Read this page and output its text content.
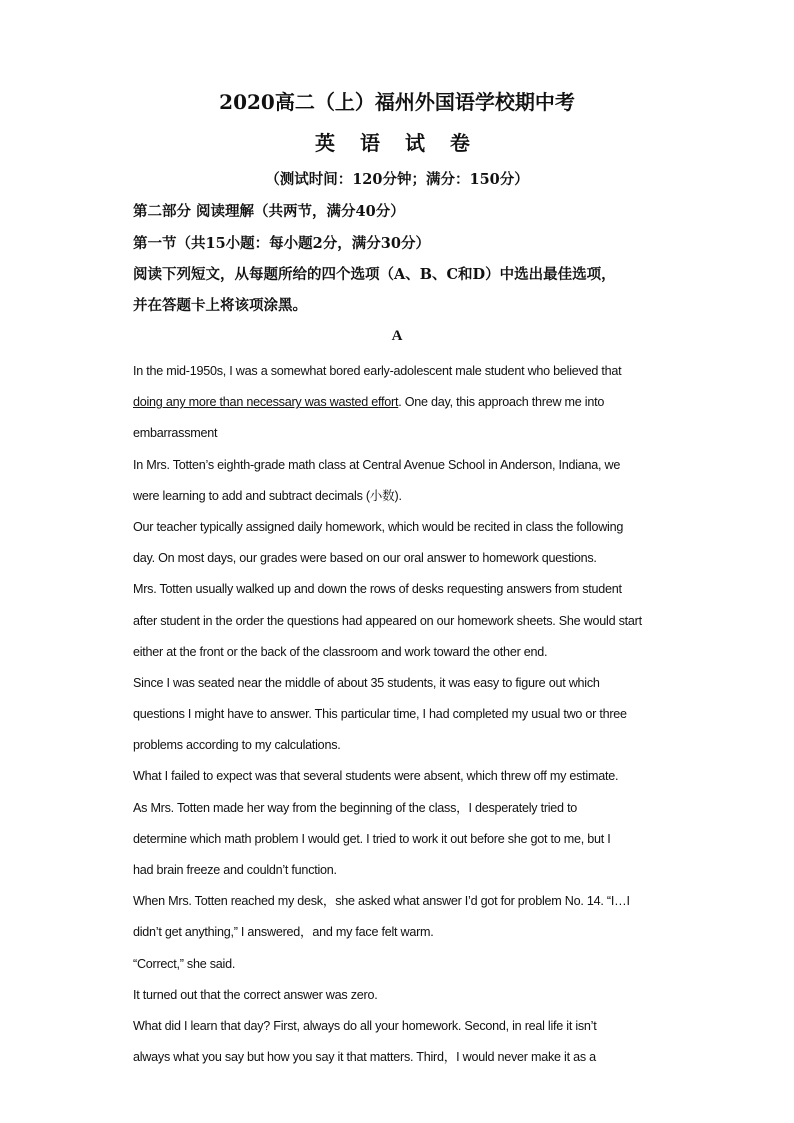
2020高二（上）福州外国语学校期中考
英 语 试 卷
（测试时间：120分钟；满分：150分）
第二部分 阅读理解（共两节，满分40分）
第一节（共15小题：每小题2分，满分30分）
阅读下列短文，从每题所给的四个选项（A、B、C和D）中选出最佳选项，
并在答题卡上将该项涂黑。
A
In the mid-1950s, I was a somewhat bored early-adolescent male student who believed that
doing any more than necessary was wasted effort. One day, this approach threw me into
embarrassment
In Mrs. Totten’s eighth-grade math class at Central Avenue School in Anderson, Indiana, we
were learning to add and subtract decimals (小数).
Our teacher typically assigned daily homework, which would be recited in class the following
day. On most days, our grades were based on our oral answer to homework questions.
Mrs. Totten usually walked up and down the rows of desks requesting answers from student
after student in the order the questions had appeared on our homework sheets. She would start
either at the front or the back of the classroom and work toward the other end.
Since I was seated near the middle of about 35 students, it was easy to figure out which
questions I might have to answer. This particular time, I had completed my usual two or three
problems according to my calculations.
What I failed to expect was that several students were absent, which threw off my estimate.
As Mrs. Totten made her way from the beginning of the class，I desperately tried to
determine which math problem I would get. I tried to work it out before she got to me, but I
had brain freeze and couldn’t function.
When Mrs. Totten reached my desk，she asked what answer I’d got for problem No. 14. “I…I
didn’t get anything,” I answered，and my face felt warm.
“Correct,” she said.
It turned out that the correct answer was zero.
What did I learn that day? First, always do all your homework. Second, in real life it isn’t
always what you say but how you say it that matters. Third，I would never make it as a
